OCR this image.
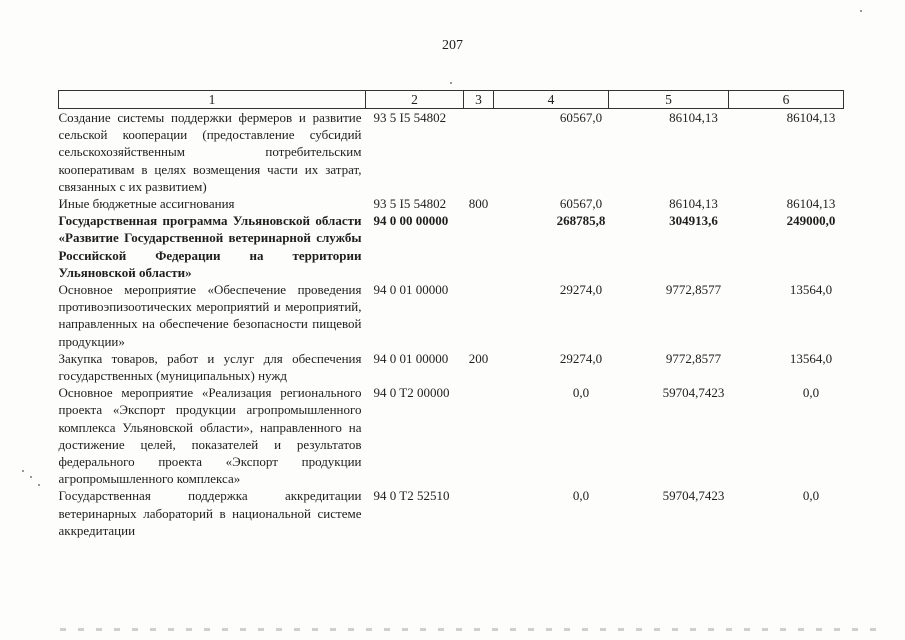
207
1	2	3	4	5	6
Создание системы поддержки фермеров и развитие сельской кооперации (предоставление субсидий сельскохозяйственным потребительским кооперативам в целях возмещения части их затрат, связанных с их развитием)	93 5 I5 54802		60567,0	86104,13	86104,13
Иные бюджетные ассигнования	93 5 I5 54802	800	60567,0	86104,13	86104,13
Государственная программа Ульяновской области «Развитие Государственной ветеринарной службы Российской Федерации на территории Ульяновской области»	94 0 00 00000		268785,8	304913,6	249000,0
Основное мероприятие «Обеспечение проведения противоэпизоотических мероприятий и мероприятий, направленных на обеспечение безопасности пищевой продукции»	94 0 01 00000		29274,0	9772,8577	13564,0
Закупка товаров, работ и услуг для обеспечения государственных (муниципальных) нужд	94 0 01 00000	200	29274,0	9772,8577	13564,0
Основное мероприятие «Реализация регионального проекта «Экспорт продукции агропромышленного комплекса Ульяновской области», направленного на достижение целей, показателей и результатов федерального проекта «Экспорт продукции агропромышленного комплекса»	94 0 T2 00000		0,0	59704,7423	0,0
Государственная поддержка аккредитации ветеринарных лабораторий в национальной системе аккредитации	94 0 T2 52510		0,0	59704,7423	0,0
